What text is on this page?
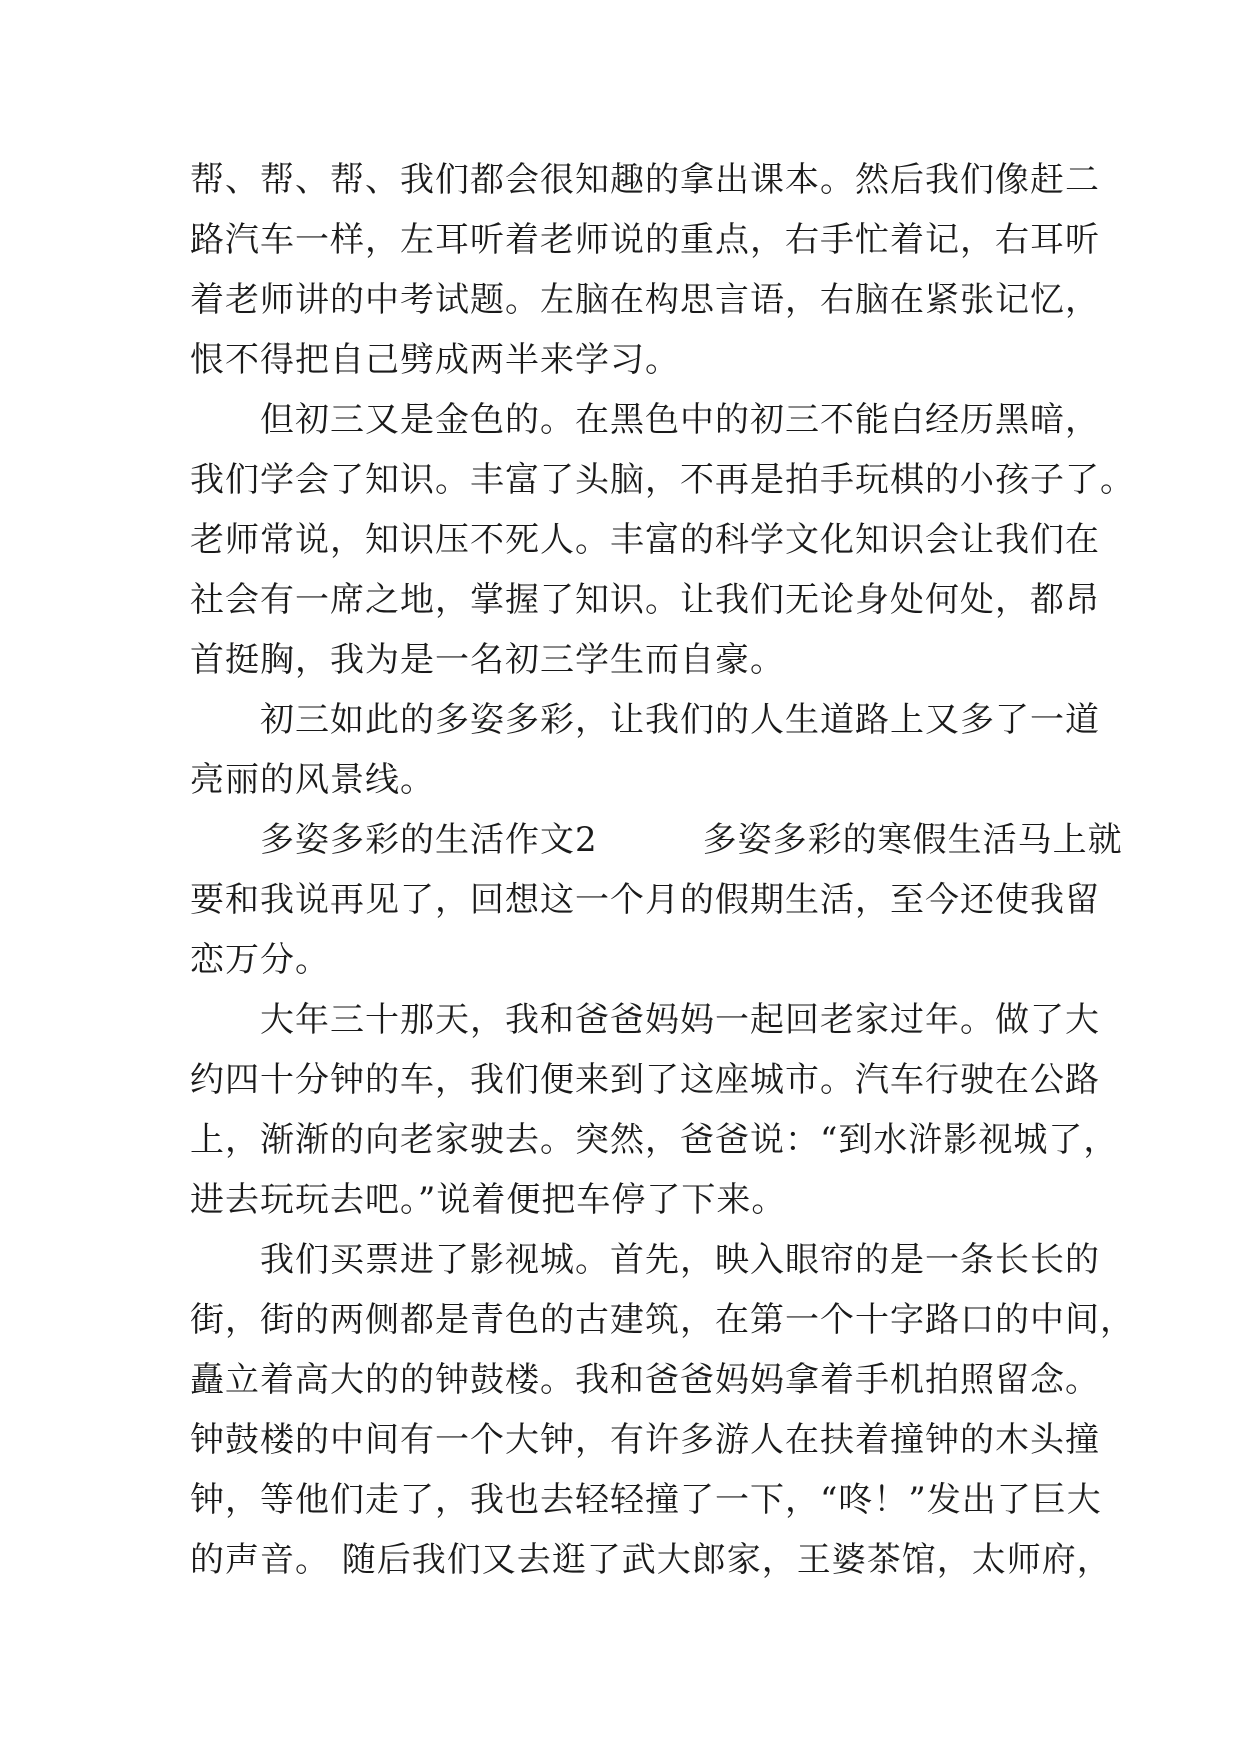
帮、帮、帮、我们都会很知趣的拿出课本。然后我们像赶二
路汽车一样，左耳听着老师说的重点，右手忙着记，右耳听
着老师讲的中考试题。左脑在构思言语，右脑在紧张记忆，
恨不得把自己劈成两半来学习。
　　但初三又是金色的。在黑色中的初三不能白经历黑暗，
我们学会了知识。丰富了头脑，不再是拍手玩棋的小孩子了。
老师常说，知识压不死人。丰富的科学文化知识会让我们在
社会有一席之地，掌握了知识。让我们无论身处何处，都昂
首挺胸，我为是一名初三学生而自豪。
　　初三如此的多姿多彩，让我们的人生道路上又多了一道
亮丽的风景线。
　　多姿多彩的生活作文2　　　多姿多彩的寒假生活马上就
要和我说再见了，回想这一个月的假期生活，至今还使我留
恋万分。
　　大年三十那天，我和爸爸妈妈一起回老家过年。做了大
约四十分钟的车，我们便来到了这座城市。汽车行驶在公路
上，渐渐的向老家驶去。突然，爸爸说：“到水浒影视城了，
进去玩玩去吧。”说着便把车停了下来。
　　我们买票进了影视城。首先，映入眼帘的是一条长长的
街，街的两侧都是青色的古建筑，在第一个十字路口的中间，
矗立着高大的的钟鼓楼。我和爸爸妈妈拿着手机拍照留念。
钟鼓楼的中间有一个大钟，有许多游人在扶着撞钟的木头撞
钟，等他们走了，我也去轻轻撞了一下，“咚！”发出了巨大
的声音。 随后我们又去逛了武大郎家，王婆茶馆，太师府，
